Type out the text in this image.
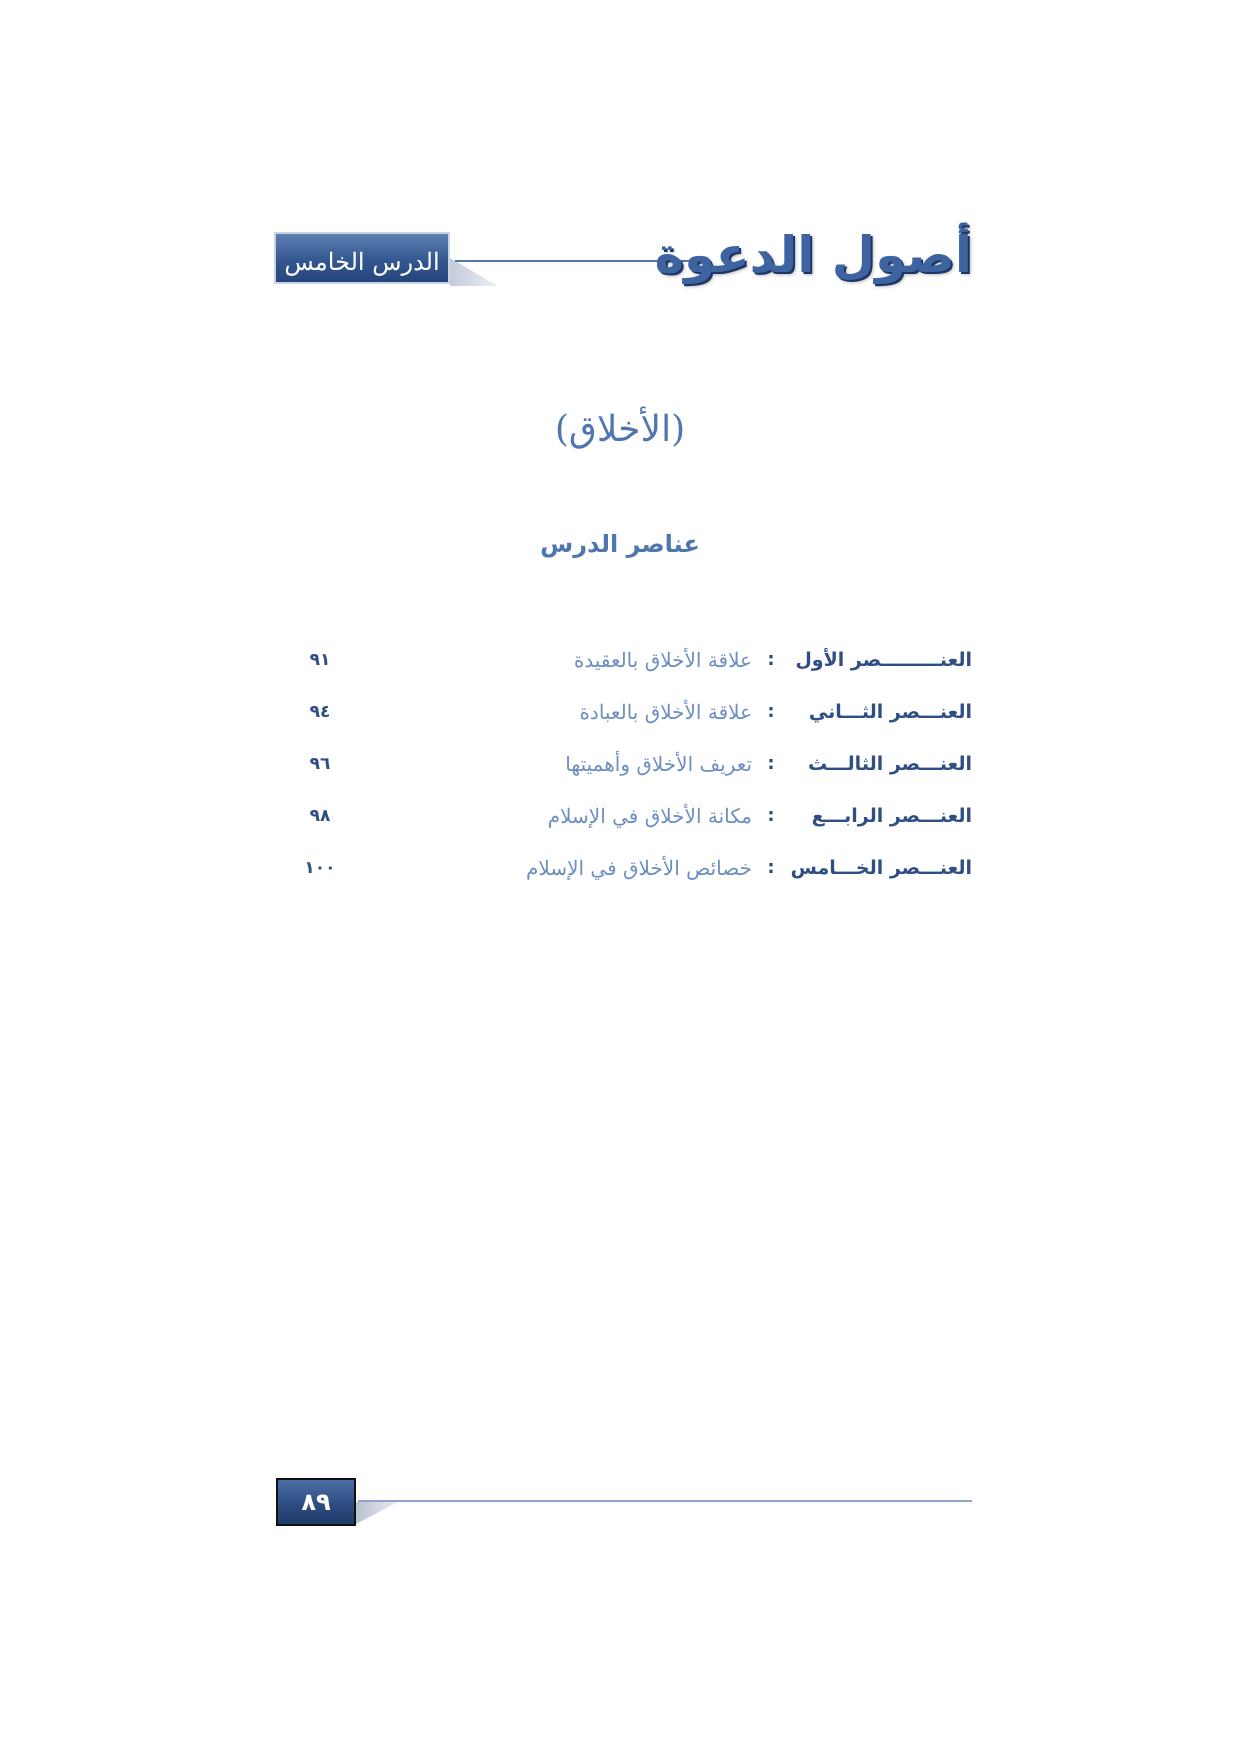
الدرس الخامس	أصول الدعوة
(الأخلاق)
عناصر الدرس
العنـــــــــصر الأول
:
علاقة الأخلاق بالعقيدة
٩١
العنـــصر الثـــاني
:
علاقة الأخلاق بالعبادة
٩٤
العنـــصر الثالـــث
:
تعريف الأخلاق وأهميتها
٩٦
العنـــصر الرابـــع
:
مكانة الأخلاق في الإسلام
٩٨
العنـــصر الخـــامس
:
خصائص الأخلاق في الإسلام
١٠٠
٨٩
